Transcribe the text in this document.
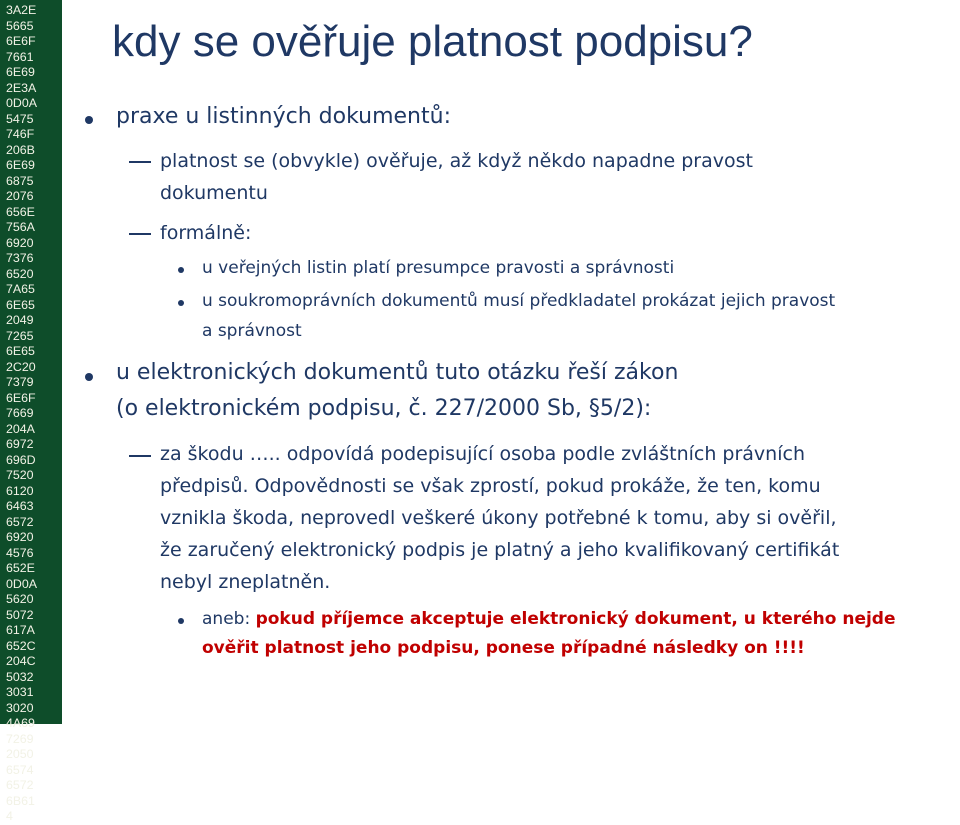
3A2E
5665
6E6F
7661
6E69
2E3A
0D0A
5475
746F
206B
6E69
6875
2076
656E
756A
6920
7376
6520
7A65
6E65
2049
7265
6E65
2C20
7379
6E6F
7669
204A
6972
696D
7520
6120
6463
6572
6920
4576
652E
0D0A
5620
5072
617A
652C
204C
5032
3031
3020
4A69
7269
2050
6574
6572
6B61
4
kdy se ověřuje platnost podpisu?
praxe u listinných dokumentů:
platnost se (obvykle) ověřuje, až když někdo napadne pravost
dokumentu
formálně:
u veřejných listin platí presumpce pravosti a správnosti
u soukromoprávních dokumentů musí předkladatel prokázat jejich pravost
a správnost
u elektronických dokumentů tuto otázku řeší zákon
(o elektronickém podpisu, č. 227/2000 Sb, §5/2):
za škodu ….. odpovídá podepisující osoba podle zvláštních právních
předpisů. Odpovědnosti se však zprostí, pokud prokáže, že ten, komu
vznikla škoda, neprovedl veškeré úkony potřebné k tomu, aby si ověřil,
že zaručený elektronický podpis je platný a jeho kvalifikovaný certifikát
nebyl zneplatněn.
aneb: pokud příjemce akceptuje elektronický dokument, u kterého nejde
ověřit platnost jeho podpisu, ponese případné následky on !!!!
